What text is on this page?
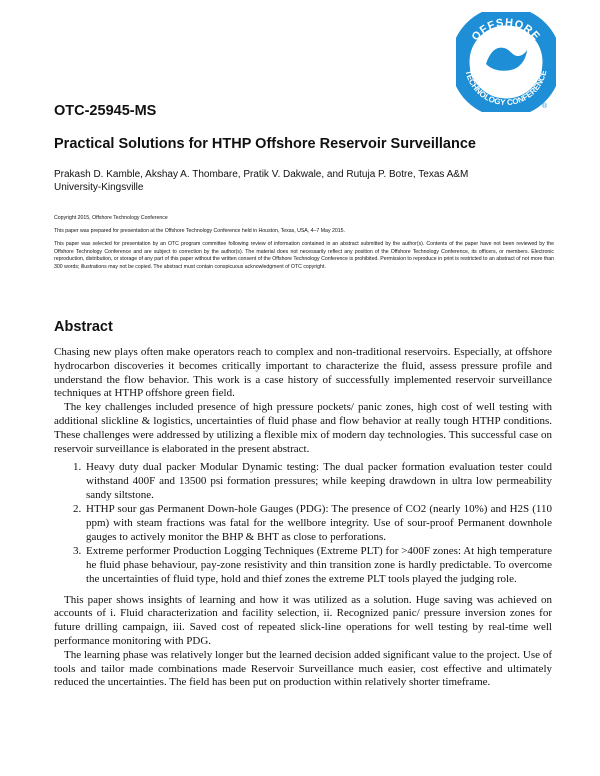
OFFSHORE
TECHNOLOGY CONFERENCE
®
OTC-25945-MS
Practical Solutions for HTHP Offshore Reservoir Surveillance
Prakash D. Kamble, Akshay A. Thombare, Pratik V. Dakwale, and Rutuja P. Botre, Texas A&M University-Kingsville
Copyright 2015, Offshore Technology Conference
This paper was prepared for presentation at the Offshore Technology Conference held in Houston, Texas, USA, 4–7 May 2015.
This paper was selected for presentation by an OTC program committee following review of information contained in an abstract submitted by the author(s). Contents of the paper have not been reviewed by the Offshore Technology Conference and are subject to correction by the author(s). The material does not necessarily reflect any position of the Offshore Technology Conference, its officers, or members. Electronic reproduction, distribution, or storage of any part of this paper without the written consent of the Offshore Technology Conference is prohibited. Permission to reproduce in print is restricted to an abstract of not more than 300 words; illustrations may not be copied. The abstract must contain conspicuous acknowledgment of OTC copyright.
Abstract

Chasing new plays often make operators reach to complex and non-traditional reservoirs. Especially, at offshore hydrocarbon discoveries it becomes critically important to characterize the fluid, assess pressure profile and understand the flow behavior. This work is a case history of successfully implemented reservoir surveillance techniques at HTHP offshore green field.

The key challenges included presence of high pressure pockets/ panic zones, high cost of well testing with additional slickline & logistics, uncertainties of fluid phase and flow behavior at really tough HTHP conditions. These challenges were addressed by utilizing a flexible mix of modern day technologies. This successful case on reservoir surveillance is elaborated in the present abstract.

1. Heavy duty dual packer Modular Dynamic testing: The dual packer formation evaluation tester could withstand 400F and 13500 psi formation pressures; while keeping drawdown in ultra low permeability sandy siltstone.
2. HTHP sour gas Permanent Down-hole Gauges (PDG): The presence of CO2 (nearly 10%) and H2S (110 ppm) with steam fractions was fatal for the wellbore integrity. Use of sour-proof Permanent downhole gauges to actively monitor the BHP & BHT as close to perforations.
3. Extreme performer Production Logging Techniques (Extreme PLT) for >400F zones: At high temperature he fluid phase behaviour, pay-zone resistivity and thin transition zone is hardly predictable. To overcome the uncertainties of fluid type, hold and thief zones the extreme PLT tools played the judging role.

This paper shows insights of learning and how it was utilized as a solution. Huge saving was achieved on accounts of i. Fluid characterization and facility selection, ii. Recognized panic/ pressure inversion zones for future drilling campaign, iii. Saved cost of repeated slick-line operations for well testing by real-time well performance monitoring with PDG.

The learning phase was relatively longer but the learned decision added significant value to the project. Use of tools and tailor made combinations made Reservoir Surveillance much easier, cost effective and ultimately reduced the uncertainties. The field has been put on production within relatively shorter timeframe.
